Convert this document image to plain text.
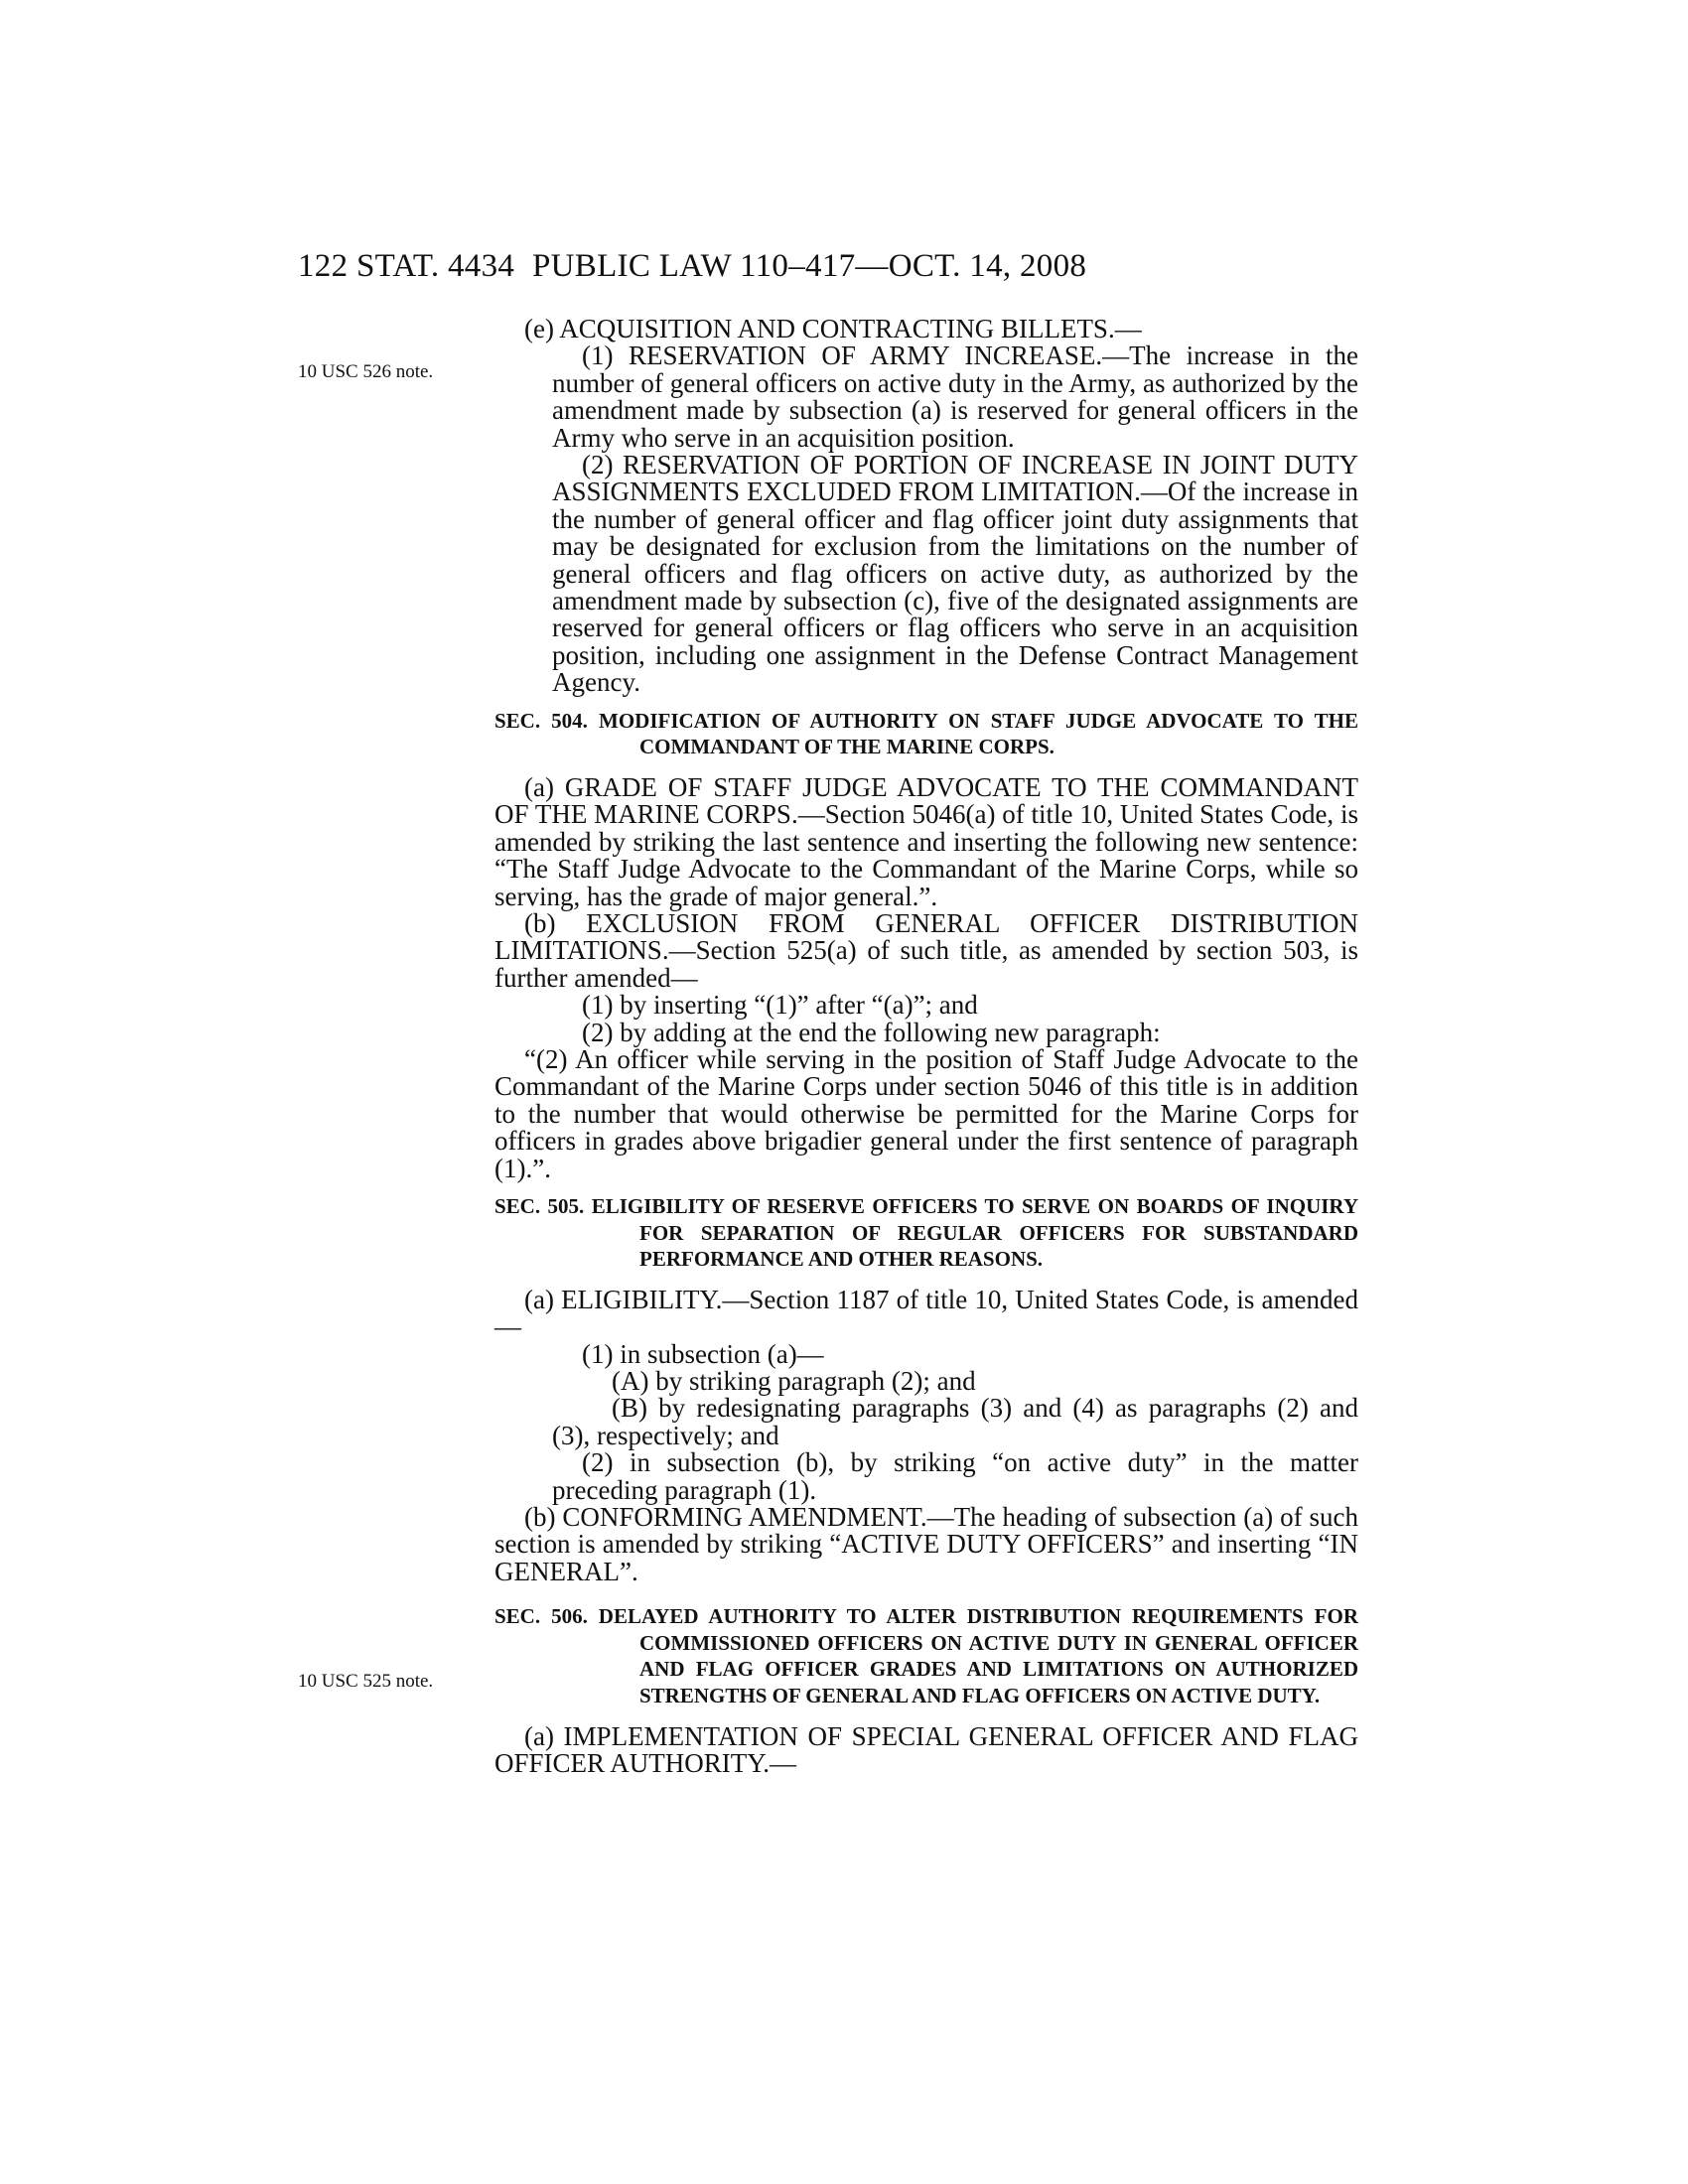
122 STAT. 4434 PUBLIC LAW 110–417—OCT. 14, 2008
10 USC 526 note.
10 USC 525 note.

(e) ACQUISITION AND CONTRACTING BILLETS.—

(1) RESERVATION OF ARMY INCREASE.—The increase in the number of general officers on active duty in the Army, as authorized by the amendment made by subsection (a) is reserved for general officers in the Army who serve in an acquisition position.

(2) RESERVATION OF PORTION OF INCREASE IN JOINT DUTY ASSIGNMENTS EXCLUDED FROM LIMITATION.—Of the increase in the number of general officer and flag officer joint duty assignments that may be designated for exclusion from the limitations on the number of general officers and flag officers on active duty, as authorized by the amendment made by subsection (c), five of the designated assignments are reserved for general officers or flag officers who serve in an acquisition position, including one assignment in the Defense Contract Management Agency.

SEC. 504. MODIFICATION OF AUTHORITY ON STAFF JUDGE ADVOCATE TO THE COMMANDANT OF THE MARINE CORPS.

(a) GRADE OF STAFF JUDGE ADVOCATE TO THE COMMANDANT OF THE MARINE CORPS.—Section 5046(a) of title 10, United States Code, is amended by striking the last sentence and inserting the following new sentence: “The Staff Judge Advocate to the Commandant of the Marine Corps, while so serving, has the grade of major general.”.

(b) EXCLUSION FROM GENERAL OFFICER DISTRIBUTION LIMITATIONS.—Section 525(a) of such title, as amended by section 503, is further amended—

(1) by inserting “(1)” after “(a)”; and

(2) by adding at the end the following new paragraph:

“(2) An officer while serving in the position of Staff Judge Advocate to the Commandant of the Marine Corps under section 5046 of this title is in addition to the number that would otherwise be permitted for the Marine Corps for officers in grades above brigadier general under the first sentence of paragraph (1).”.

SEC. 505. ELIGIBILITY OF RESERVE OFFICERS TO SERVE ON BOARDS OF INQUIRY FOR SEPARATION OF REGULAR OFFICERS FOR SUBSTANDARD PERFORMANCE AND OTHER REASONS.

(a) ELIGIBILITY.—Section 1187 of title 10, United States Code, is amended—

(1) in subsection (a)—

(A) by striking paragraph (2); and

(B) by redesignating paragraphs (3) and (4) as paragraphs (2) and (3), respectively; and

(2) in subsection (b), by striking “on active duty” in the matter preceding paragraph (1).

(b) CONFORMING AMENDMENT.—The heading of subsection (a) of such section is amended by striking “ACTIVE DUTY OFFICERS” and inserting “IN GENERAL”.

SEC. 506. DELAYED AUTHORITY TO ALTER DISTRIBUTION REQUIREMENTS FOR COMMISSIONED OFFICERS ON ACTIVE DUTY IN GENERAL OFFICER AND FLAG OFFICER GRADES AND LIMITATIONS ON AUTHORIZED STRENGTHS OF GENERAL AND FLAG OFFICERS ON ACTIVE DUTY.

(a) IMPLEMENTATION OF SPECIAL GENERAL OFFICER AND FLAG OFFICER AUTHORITY.—
